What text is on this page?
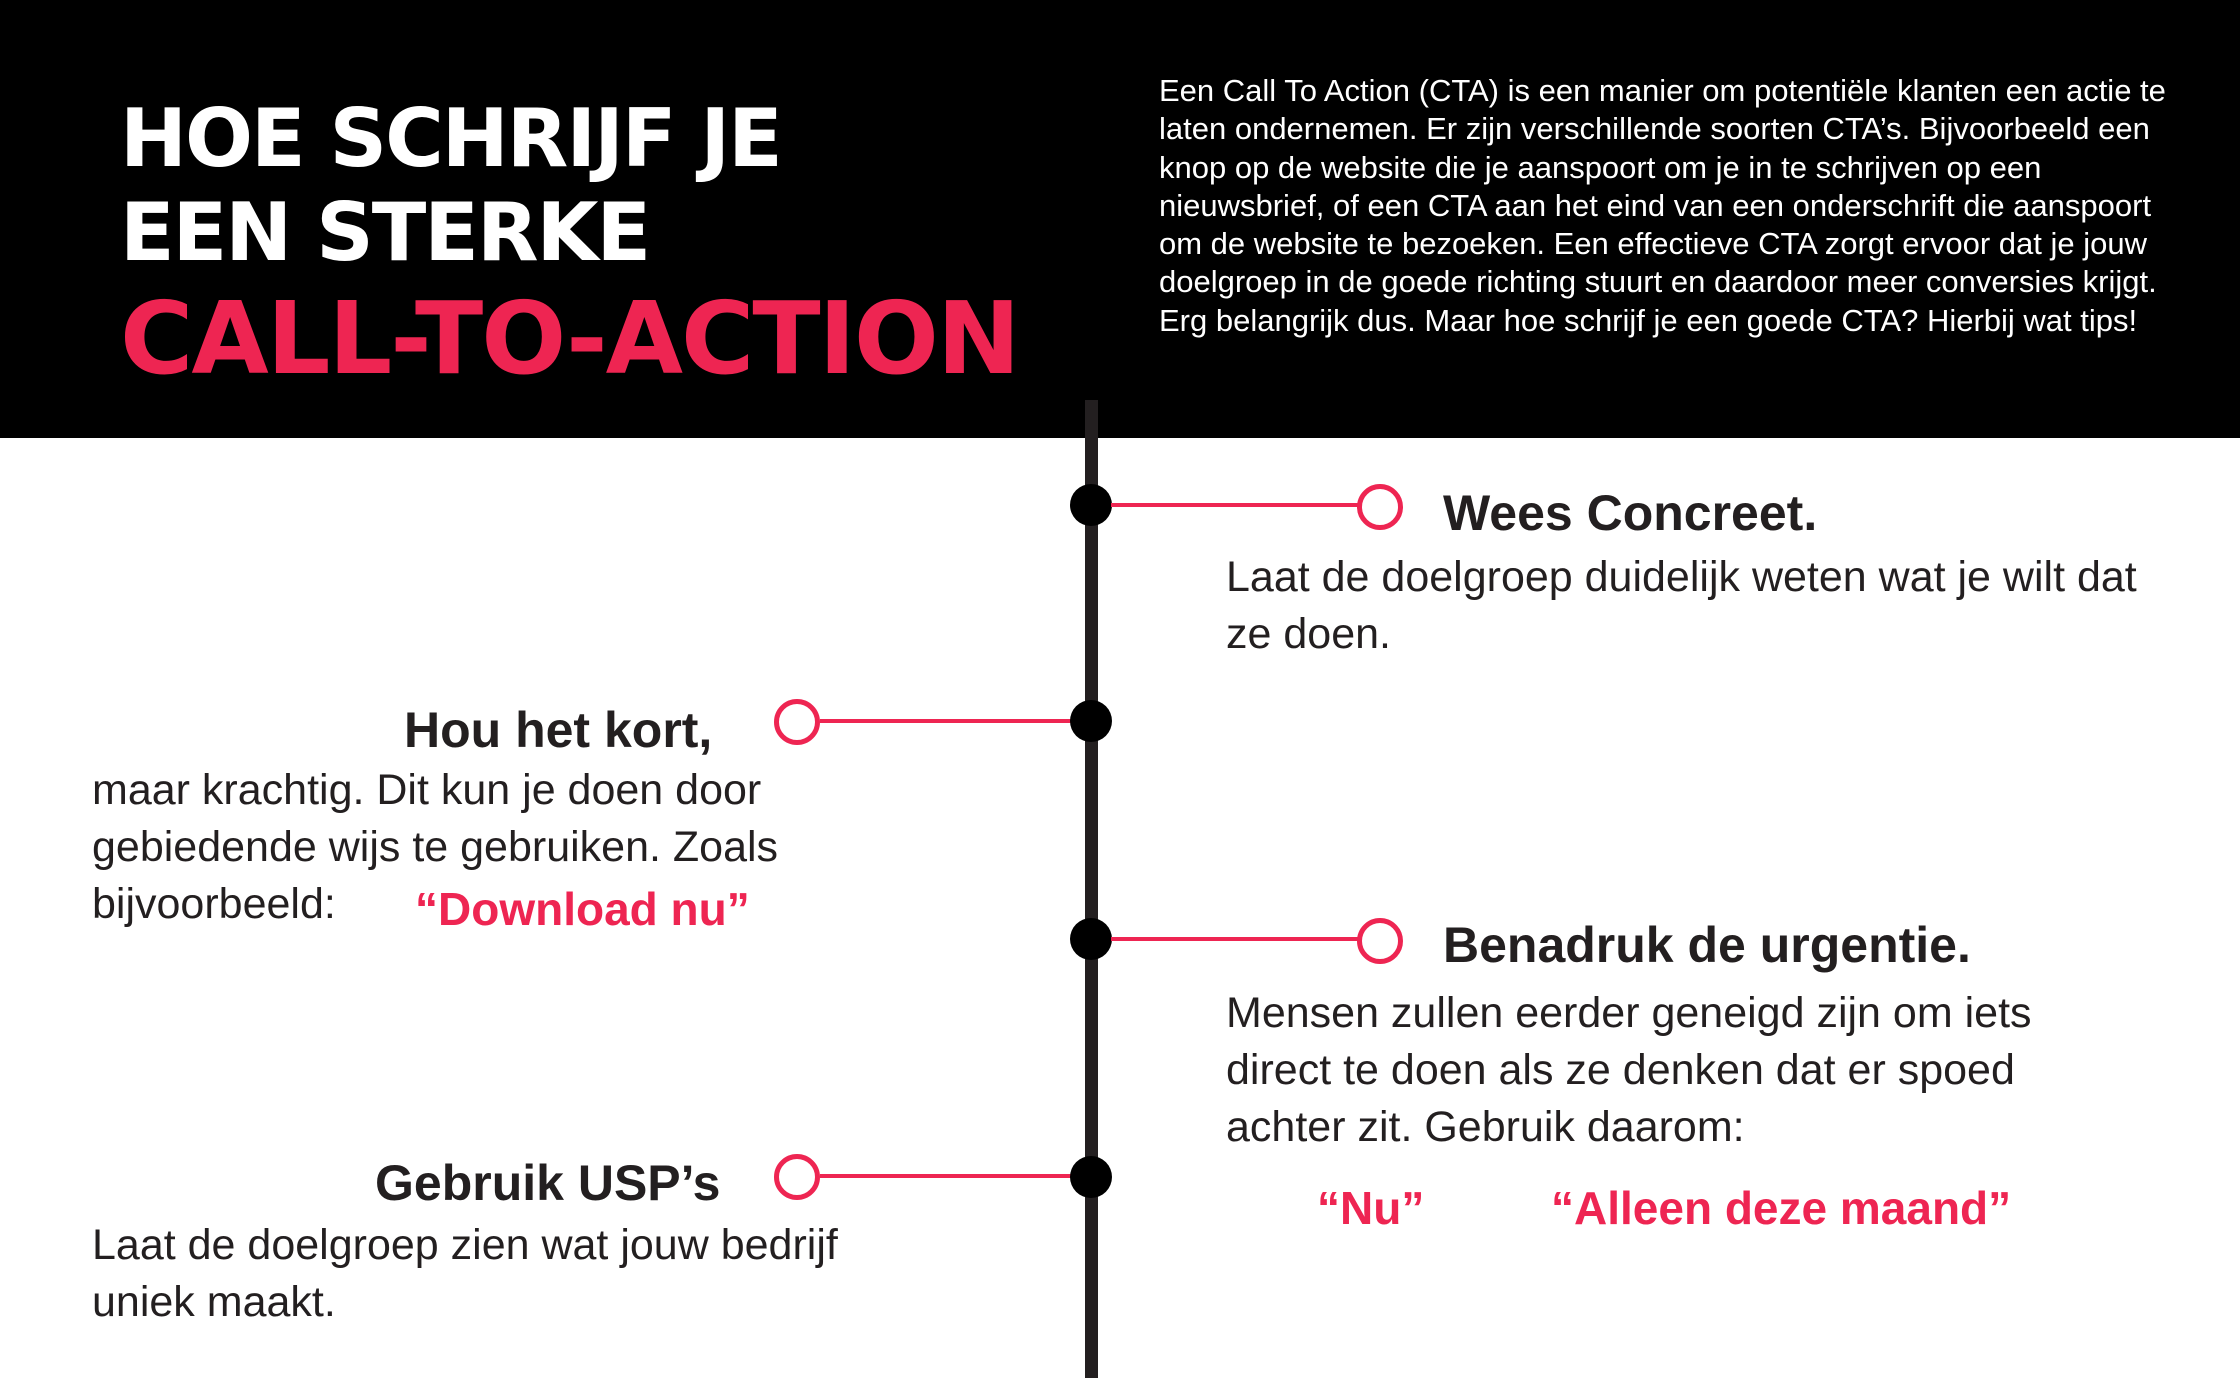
HOE SCHRIJF JE
EEN STERKE
CALL-TO-ACTION

Een Call To Action (CTA) is een manier om potentiële klanten een actie te laten ondernemen. Er zijn verschillende soorten CTA’s. Bijvoorbeeld een knop op de website die je aanspoort om je in te schrijven op een nieuwsbrief, of een CTA aan het eind van een onderschrift die aanspoort om de website te bezoeken. Een effectieve CTA zorgt ervoor dat je jouw doelgroep in de goede richting stuurt en daardoor meer conversies krijgt. Erg belangrijk dus. Maar hoe schrijf je een goede CTA? Hierbij wat tips!

Wees Concreet.

Laat de doelgroep duidelijk weten wat je wilt dat ze doen.

Hou het kort,

maar krachtig. Dit kun je doen door gebiedende wijs te gebruiken. Zoals bijvoorbeeld:	“Download nu”

Benadruk de urgentie.

Mensen zullen eerder geneigd zijn om iets direct te doen als ze denken dat er spoed achter zit. Gebruik daarom:

“Nu”	“Alleen deze maand”

Gebruik USP’s

Laat de doelgroep zien wat jouw bedrijf uniek maakt.
